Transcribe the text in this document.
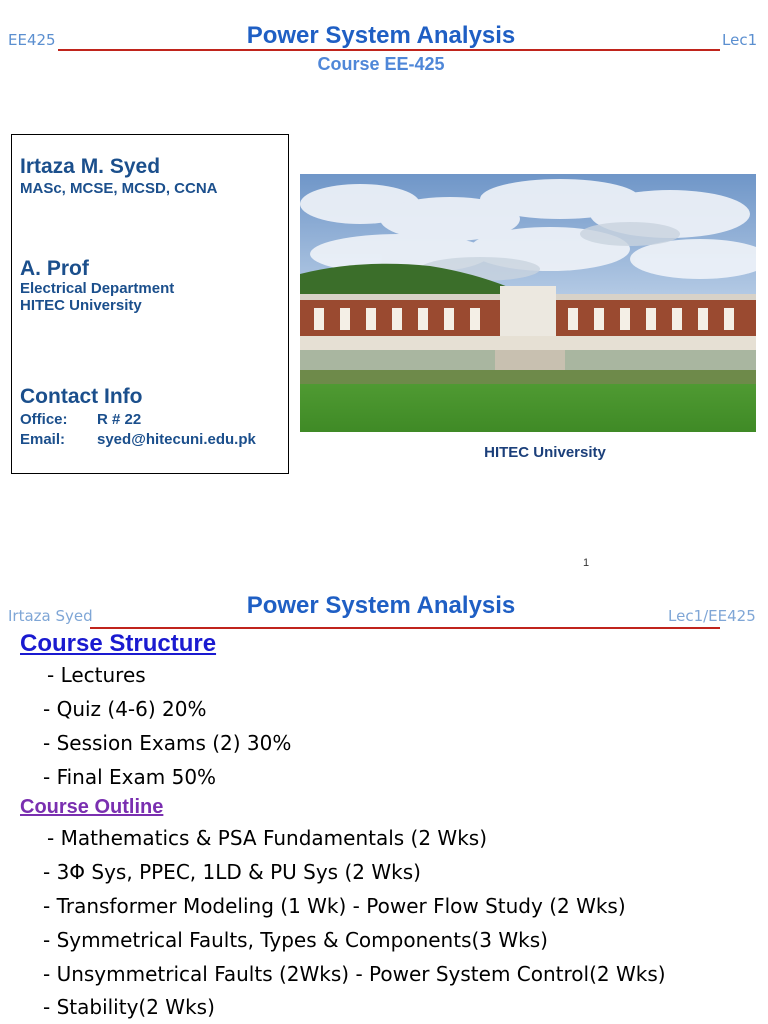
EE425	Power System Analysis	Lec1
Course EE-425
Irtaza M. Syed
MASc, MCSE, MCSD, CCNA
A. Prof
Electrical Department
HITEC University
Contact Info
Office: R # 22
Email: syed@hitecuni.edu.pk
HITEC University
1
Irtaza Syed	Power System Analysis	Lec1/EE425
Course Structure
- Lectures
- Quiz (4-6) 20%
- Session Exams (2) 30%
- Final Exam 50%
Course Outline
- Mathematics & PSA Fundamentals (2 Wks)
- 3Φ Sys, PPEC, 1LD & PU Sys (2 Wks)
- Transformer Modeling (1 Wk) - Power Flow Study (2 Wks)
- Symmetrical Faults, Types & Components(3 Wks)
- Unsymmetrical Faults (2Wks) - Power System Control(2 Wks)
- Stability(2 Wks)
